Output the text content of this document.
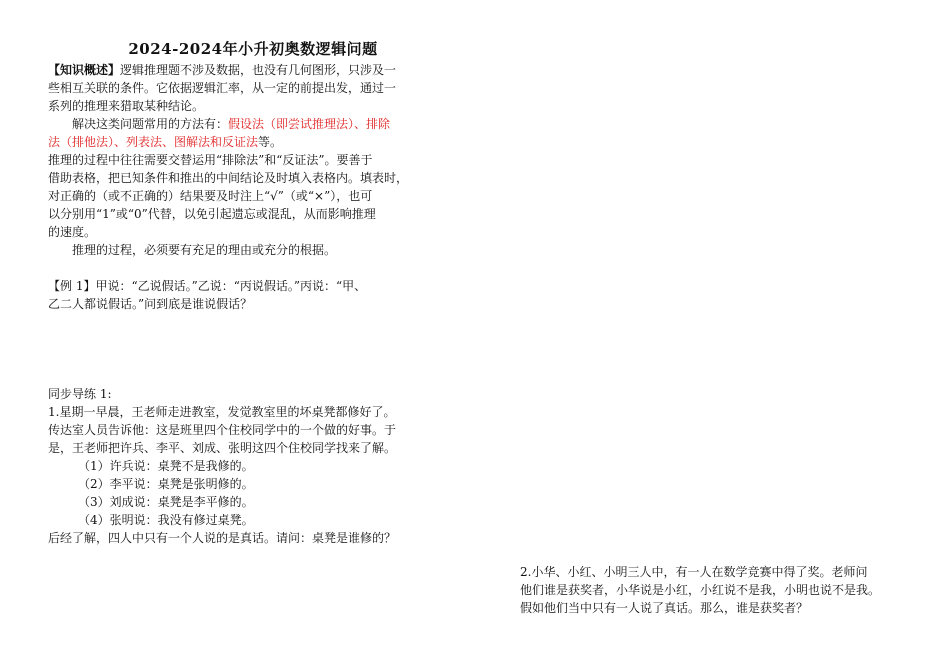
2024-2024年小升初奥数逻辑问题

【知识概述】逻辑推理题不涉及数据，也没有几何图形，只涉及一

些相互关联的条件。它依据逻辑汇率，从一定的前提出发，通过一

系列的推理来猎取某种结论。

解决这类问题常用的方法有：假设法（即尝试推理法）、排除

法（排他法）、列表法、图解法和反证法等。

推理的过程中往往需要交替运用“排除法”和“反证法”。要善于

借助表格，把已知条件和推出的中间结论及时填入表格内。填表时，

对正确的（或不正确的）结果要及时注上“√”（或“×”），也可

以分别用“1”或“0”代替，以免引起遗忘或混乱，从而影响推理

的速度。

推理的过程，必须要有充足的理由或充分的根据。

【例 1】甲说：“乙说假话。”乙说：“丙说假话。”丙说：“甲、

乙二人都说假话。”问到底是谁说假话？

同步导练 1:

1.星期一早晨，王老师走进教室，发觉教室里的坏桌凳都修好了。

传达室人员告诉他：这是班里四个住校同学中的一个做的好事。于

是，王老师把许兵、李平、刘成、张明这四个住校同学找来了解。

（1）许兵说：桌凳不是我修的。

（2）李平说：桌凳是张明修的。

（3）刘成说：桌凳是李平修的。

（4）张明说：我没有修过桌凳。

后经了解，四人中只有一个人说的是真话。请问：桌凳是谁修的？

2.小华、小红、小明三人中，有一人在数学竞赛中得了奖。老师问

他们谁是获奖者，小华说是小红，小红说不是我，小明也说不是我。

假如他们当中只有一人说了真话。那么，谁是获奖者？
